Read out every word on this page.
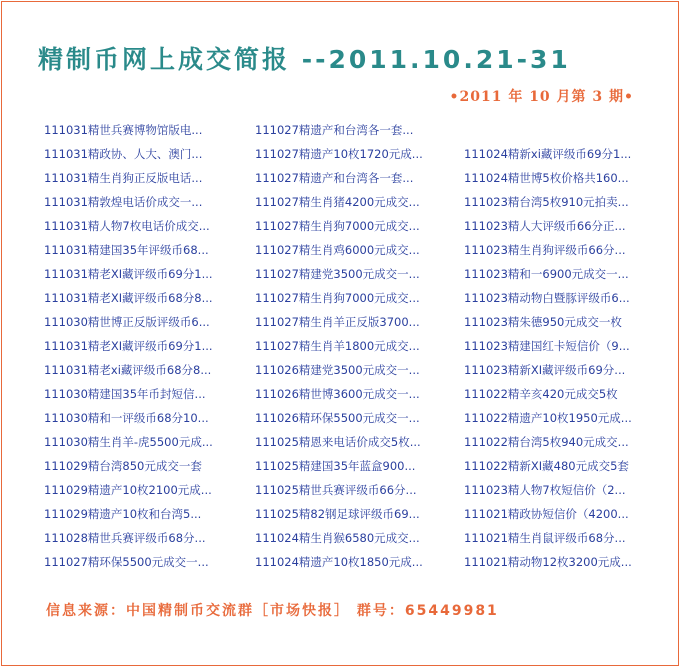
精制币网上成交简报 --2011.10.21-31
•2011 年 10 月第 3 期•
111031精世兵赛博物馆版电...
111031精政协、人大、澳门...
111031精生肖狗正反版电话...
111031精敦煌电话价成交一...
111031精人物7枚电话价成交...
111031精建国35年评级币68...
111031精老XI藏评级币69分1...
111031精老XI藏评级币68分8...
111030精世博正反版评级币6...
111031精老XI藏评级币69分1...
111031精老xi藏评级币68分8...
111030精建国35年币封短信...
111030精和一评级币68分10...
111030精生肖羊-虎5500元成...
111029精台湾850元成交一套
111029精遗产10枚2100元成...
111029精遗产10枚和台湾5...
111028精世兵赛评级币68分...
111027精环保5500元成交一...
111027精遗产和台湾各一套...
111027精遗产10枚1720元成...
111027精遗产和台湾各一套...
111027精生肖猪4200元成交...
111027精生肖狗7000元成交...
111027精生肖鸡6000元成交...
111027精建党3500元成交一...
111027精生肖狗7000元成交...
111027精生肖羊正反版3700...
111027精生肖羊1800元成交...
111026精建党3500元成交一...
111026精世博3600元成交一...
111026精环保5500元成交一...
111025精恩来电话价成交5枚...
111025精建国35年蓝盒900...
111025精世兵赛评级币66分...
111025精82钢足球评级币69...
111024精生肖猴6580元成交...
111024精遗产10枚1850元成...
111024精新xi藏评级币69分1...
111024精世博5枚价格共160...
111023精台湾5枚910元拍卖...
111023精人大评级币66分正...
111023精生肖狗评级币66分...
111023精和一6900元成交一...
111023精动物白暨豚评级币6...
111023精朱德950元成交一枚
111023精建国红卡短信价（9...
111023精新XI藏评级币69分...
111022精辛亥420元成交5枚
111022精遗产10枚1950元成...
111022精台湾5枚940元成交...
111022精新XI藏480元成交5套
111023精人物7枚短信价（2...
111021精政协短信价（4200...
111021精生肖鼠评级币68分...
111021精动物12枚3200元成...
信息来源：中国精制币交流群［市场快报］ 群号：65449981
